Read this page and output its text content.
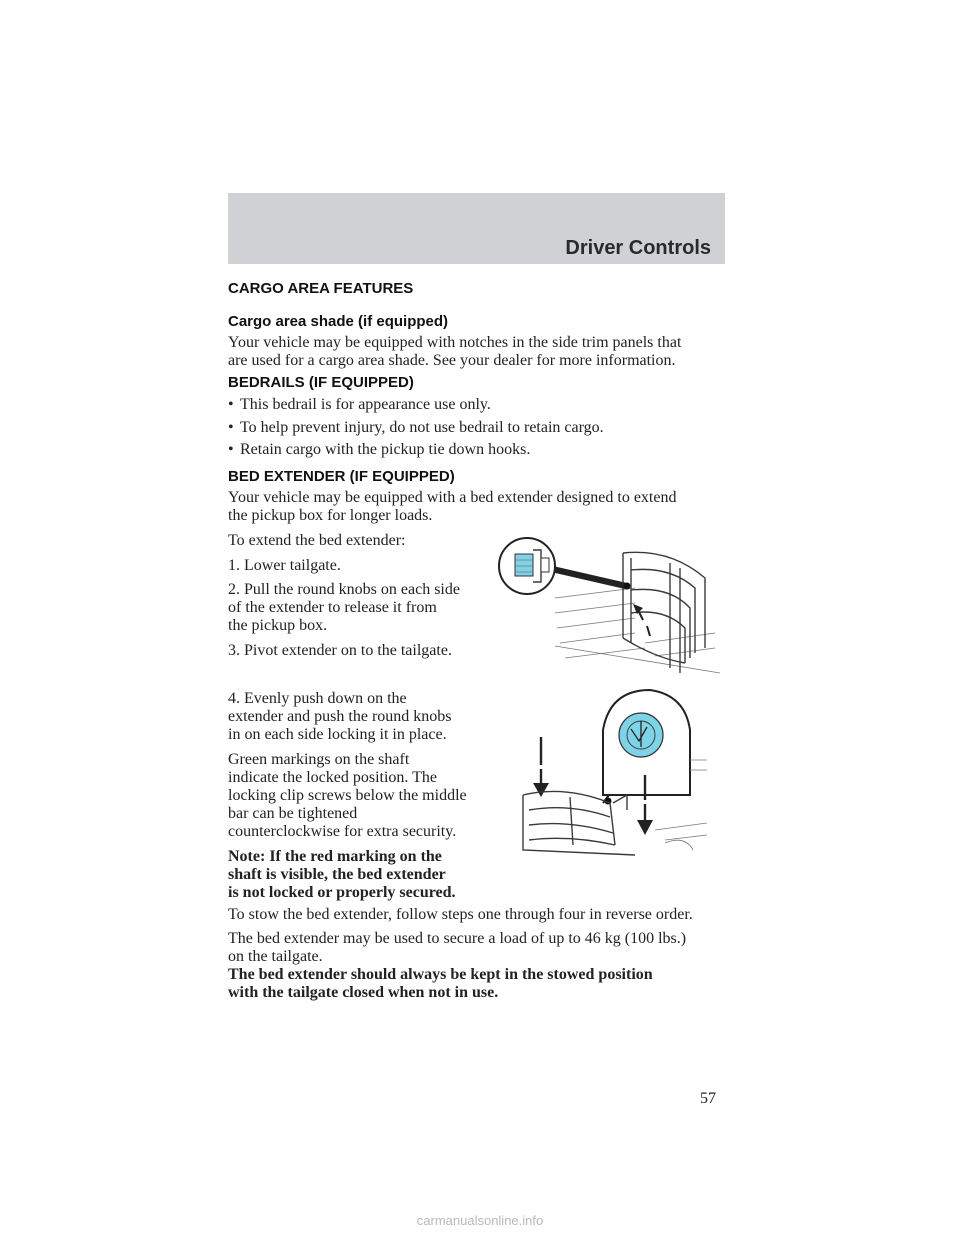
Driver Controls
CARGO AREA FEATURES
Cargo area shade (if equipped)
Your vehicle may be equipped with notches in the side trim panels that
are used for a cargo area shade. See your dealer for more information.
BEDRAILS (IF EQUIPPED)
• This bedrail is for appearance use only.
• To help prevent injury, do not use bedrail to retain cargo.
• Retain cargo with the pickup tie down hooks.
BED EXTENDER (IF EQUIPPED)
Your vehicle may be equipped with a bed extender designed to extend
the pickup box for longer loads.
To extend the bed extender:
1. Lower tailgate.
2. Pull the round knobs on each side
of the extender to release it from
the pickup box.
3. Pivot extender on to the tailgate.
4. Evenly push down on the
extender and push the round knobs
in on each side locking it in place.
Green markings on the shaft
indicate the locked position. The
locking clip screws below the middle
bar can be tightened
counterclockwise for extra security.
Note: If the red marking on the
shaft is visible, the bed extender
is not locked or properly secured.
To stow the bed extender, follow steps one through four in reverse order.
The bed extender may be used to secure a load of up to 46 kg (100 lbs.)
on the tailgate.
The bed extender should always be kept in the stowed position
with the tailgate closed when not in use.
57
carmanualsonline.info
